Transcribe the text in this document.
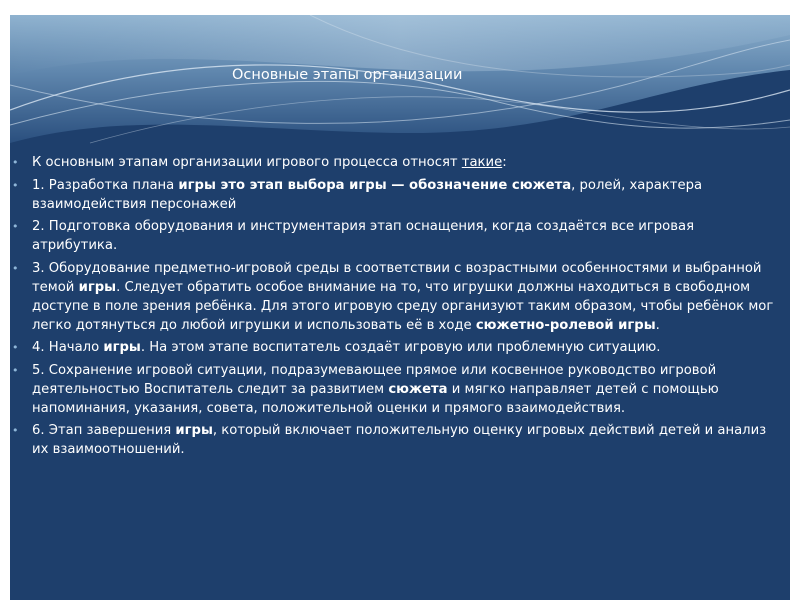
Основные этапы организации
• К основным этапам организации игрового процесса относят такие:
• 1. Разработка плана игры это этап выбора игры — обозначение сюжета, ролей, характера взаимодействия персонажей
• 2. Подготовка оборудования и инструментария этап оснащения, когда создаётся все игровая атрибутика.
• 3. Оборудование предметно-игровой среды в соответствии с возрастными особенностями и выбранной темой игры. Следует обратить особое внимание на то, что игрушки должны находиться в свободном доступе в поле зрения ребёнка. Для этого игровую среду организуют таким образом, чтобы ребёнок мог легко дотянуться до любой игрушки и использовать её в ходе сюжетно-ролевой игры.
• 4. Начало игры. На этом этапе воспитатель создаёт игровую или проблемную ситуацию.
• 5. Сохранение игровой ситуации, подразумевающее прямое или косвенное руководство игровой деятельностью Воспитатель следит за развитием сюжета и мягко направляет детей с помощью напоминания, указания, совета, положительной оценки и прямого взаимодействия.
• 6. Этап завершения игры, который включает положительную оценку игровых действий детей и анализ их взаимоотношений.
